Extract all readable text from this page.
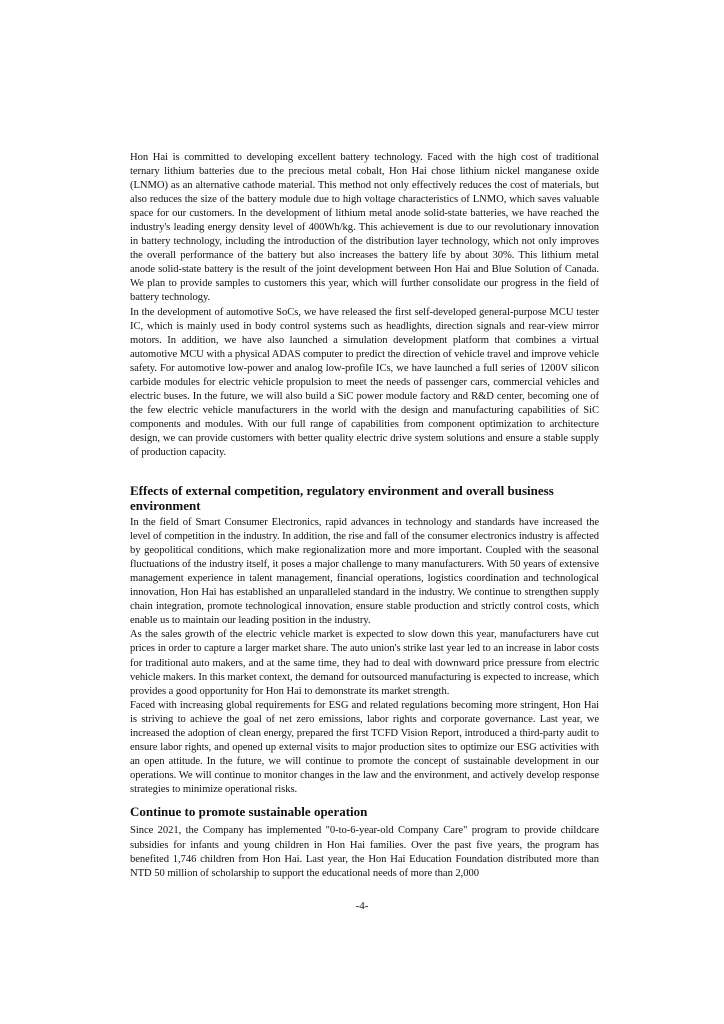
Hon Hai is committed to developing excellent battery technology. Faced with the high cost of traditional ternary lithium batteries due to the precious metal cobalt, Hon Hai chose lithium nickel manganese oxide (LNMO) as an alternative cathode material. This method not only effectively reduces the cost of materials, but also reduces the size of the battery module due to high voltage characteristics of LNMO, which saves valuable space for our customers. In the development of lithium metal anode solid-state batteries, we have reached the industry's leading energy density level of 400Wh/kg. This achievement is due to our revolutionary innovation in battery technology, including the introduction of the distribution layer technology, which not only improves the overall performance of the battery but also increases the battery life by about 30%. This lithium metal anode solid-state battery is the result of the joint development between Hon Hai and Blue Solution of Canada. We plan to provide samples to customers this year, which will further consolidate our progress in the field of battery technology.

In the development of automotive SoCs, we have released the first self-developed general-purpose MCU tester IC, which is mainly used in body control systems such as headlights, direction signals and rear-view mirror motors. In addition, we have also launched a simulation development platform that combines a virtual automotive MCU with a physical ADAS computer to predict the direction of vehicle travel and improve vehicle safety. For automotive low-power and analog low-profile ICs, we have launched a full series of 1200V silicon carbide modules for electric vehicle propulsion to meet the needs of passenger cars, commercial vehicles and electric buses. In the future, we will also build a SiC power module factory and R&D center, becoming one of the few electric vehicle manufacturers in the world with the design and manufacturing capabilities of SiC components and modules. With our full range of capabilities from component optimization to architecture design, we can provide customers with better quality electric drive system solutions and ensure a stable supply of production capacity.

Effects of external competition, regulatory environment and overall business environment

In the field of Smart Consumer Electronics, rapid advances in technology and standards have increased the level of competition in the industry. In addition, the rise and fall of the consumer electronics industry is affected by geopolitical conditions, which make regionalization more and more important. Coupled with the seasonal fluctuations of the industry itself, it poses a major challenge to many manufacturers. With 50 years of extensive management experience in talent management, financial operations, logistics coordination and technological innovation, Hon Hai has established an unparalleled standard in the industry. We continue to strengthen supply chain integration, promote technological innovation, ensure stable production and strictly control costs, which enable us to maintain our leading position in the industry.

As the sales growth of the electric vehicle market is expected to slow down this year, manufacturers have cut prices in order to capture a larger market share. The auto union's strike last year led to an increase in labor costs for traditional auto makers, and at the same time, they had to deal with downward price pressure from electric vehicle makers. In this market context, the demand for outsourced manufacturing is expected to increase, which provides a good opportunity for Hon Hai to demonstrate its market strength.

Faced with increasing global requirements for ESG and related regulations becoming more stringent, Hon Hai is striving to achieve the goal of net zero emissions, labor rights and corporate governance. Last year, we increased the adoption of clean energy, prepared the first TCFD Vision Report, introduced a third-party audit to ensure labor rights, and opened up external visits to major production sites to optimize our ESG activities with an open attitude. In the future, we will continue to promote the concept of sustainable development in our operations. We will continue to monitor changes in the law and the environment, and actively develop response strategies to minimize operational risks.

Continue to promote sustainable operation

Since 2021, the Company has implemented "0-to-6-year-old Company Care" program to provide childcare subsidies for infants and young children in Hon Hai families. Over the past five years, the program has benefited 1,746 children from Hon Hai. Last year, the Hon Hai Education Foundation distributed more than NTD 50 million of scholarship to support the educational needs of more than 2,000

-4-
